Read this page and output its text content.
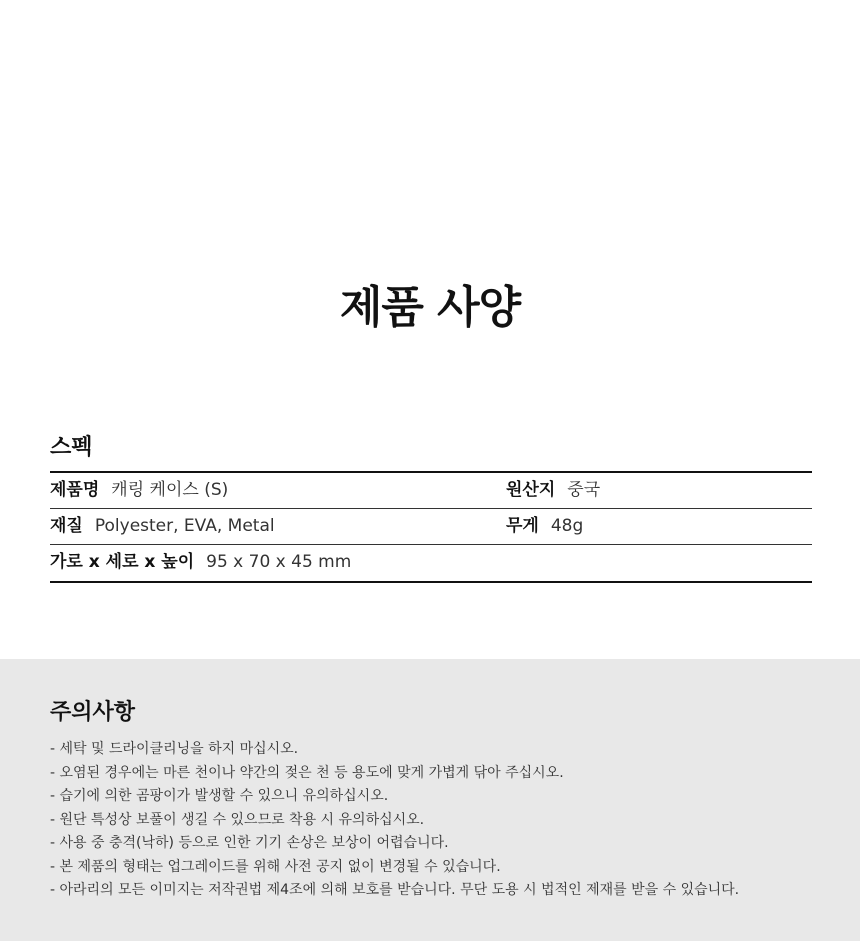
제품 사양
스펙
제품명 캐링 케이스 (S)	원산지 중국
재질 Polyester, EVA, Metal	무게 48g
가로 x 세로 x 높이 95 x 70 x 45 mm
주의사항
- 세탁 및 드라이클리닝을 하지 마십시오.
- 오염된 경우에는 마른 천이나 약간의 젖은 천 등 용도에 맞게 가볍게 닦아 주십시오.
- 습기에 의한 곰팡이가 발생할 수 있으니 유의하십시오.
- 원단 특성상 보풀이 생길 수 있으므로 착용 시 유의하십시오.
- 사용 중 충격(낙하) 등으로 인한 기기 손상은 보상이 어렵습니다.
- 본 제품의 형태는 업그레이드를 위해 사전 공지 없이 변경될 수 있습니다.
- 아라리의 모든 이미지는 저작권법 제4조에 의해 보호를 받습니다. 무단 도용 시 법적인 제재를 받을 수 있습니다.
